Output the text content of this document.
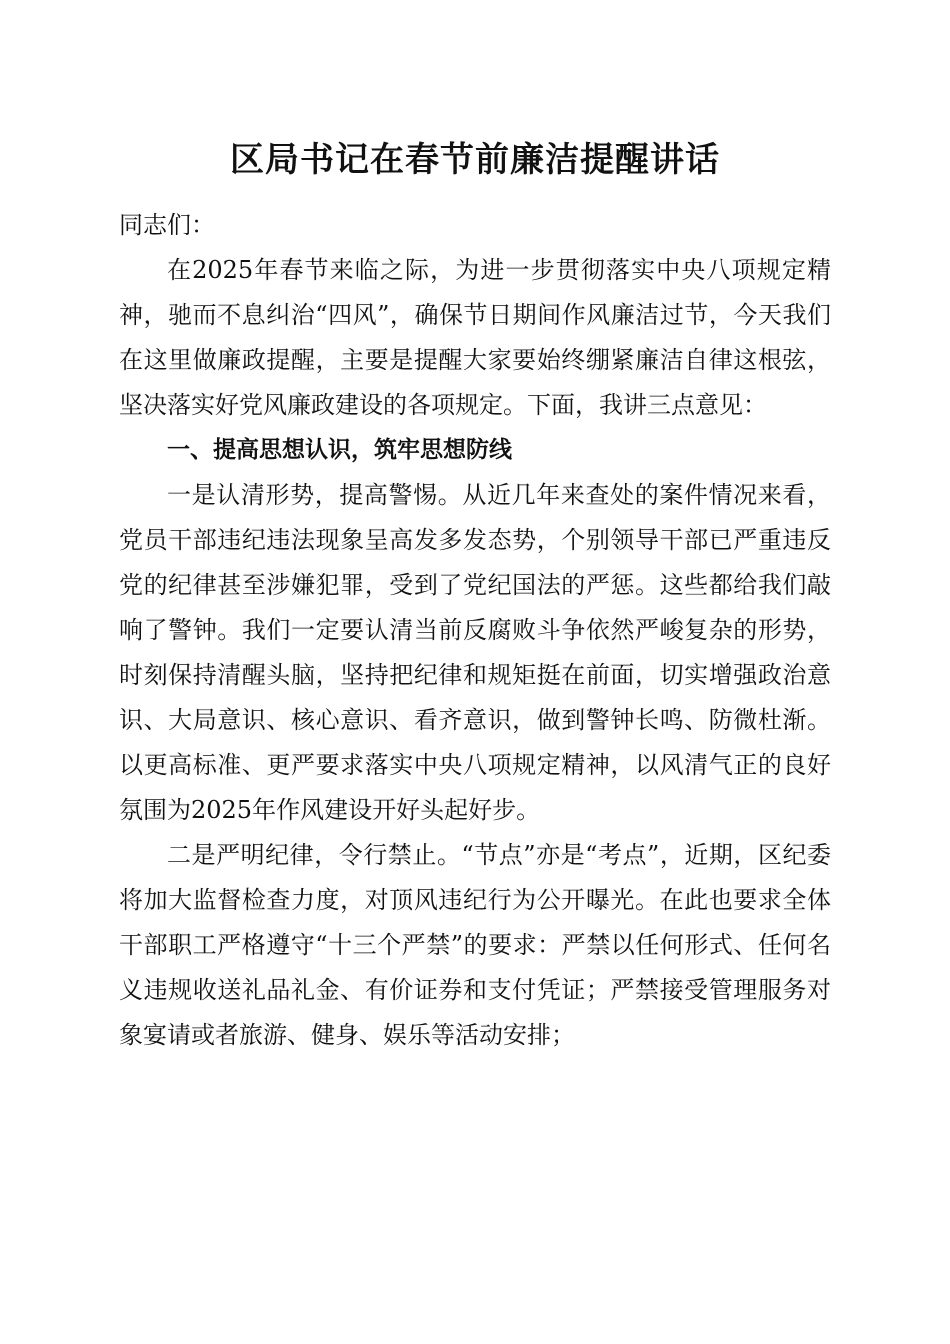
区局书记在春节前廉洁提醒讲话

同志们：

在2025年春节来临之际，为进一步贯彻落实中央八项规定精神，驰而不息纠治“四风”，确保节日期间作风廉洁过节，今天我们在这里做廉政提醒，主要是提醒大家要始终绷紧廉洁自律这根弦，坚决落实好党风廉政建设的各项规定。下面，我讲三点意见：

一、提高思想认识，筑牢思想防线

一是认清形势，提高警惕。从近几年来查处的案件情况来看，党员干部违纪违法现象呈高发多发态势，个别领导干部已严重违反党的纪律甚至涉嫌犯罪，受到了党纪国法的严惩。这些都给我们敲响了警钟。我们一定要认清当前反腐败斗争依然严峻复杂的形势，时刻保持清醒头脑，坚持把纪律和规矩挺在前面，切实增强政治意识、大局意识、核心意识、看齐意识，做到警钟长鸣、防微杜渐。以更高标准、更严要求落实中央八项规定精神，以风清气正的良好氛围为2025年作风建设开好头起好步。

二是严明纪律，令行禁止。“节点”亦是“考点”，近期，区纪委将加大监督检查力度，对顶风违纪行为公开曝光。在此也要求全体干部职工严格遵守“十三个严禁”的要求：严禁以任何形式、任何名义违规收送礼品礼金、有价证券和支付凭证；严禁接受管理服务对象宴请或者旅游、健身、娱乐等活动安排；
